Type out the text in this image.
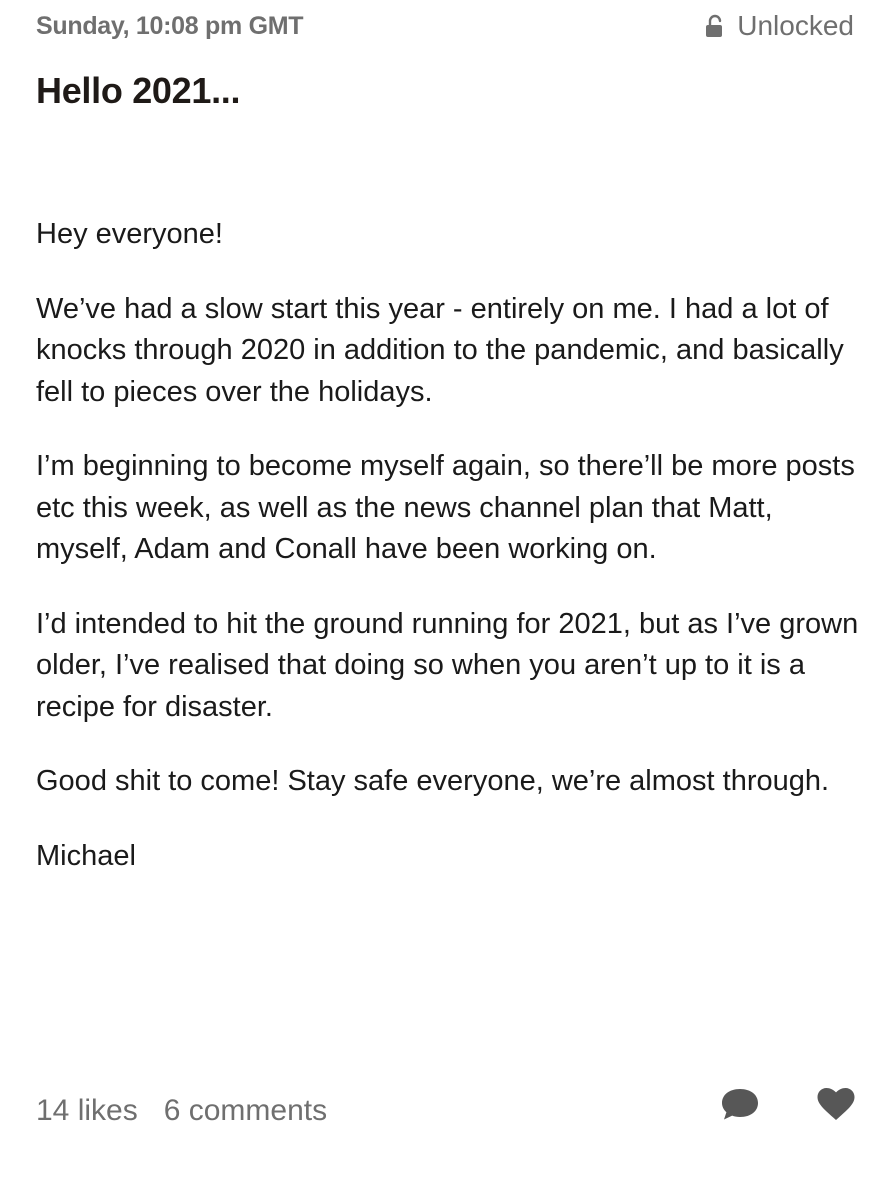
Sunday, 10:08 pm GMT	Unlocked
Hello 2021...

Hey everyone!

We’ve had a slow start this year - entirely on me. I had a lot of knocks through 2020 in addition to the pandemic, and basically fell to pieces over the holidays.

I’m beginning to become myself again, so there’ll be more posts etc this week, as well as the news channel plan that Matt, myself, Adam and Conall have been working on.

I’d intended to hit the ground running for 2021, but as I’ve grown older, I’ve realised that doing so when you aren’t up to it is a recipe for disaster.

Good shit to come! Stay safe everyone, we’re almost through.

Michael

14 likes 6 comments
